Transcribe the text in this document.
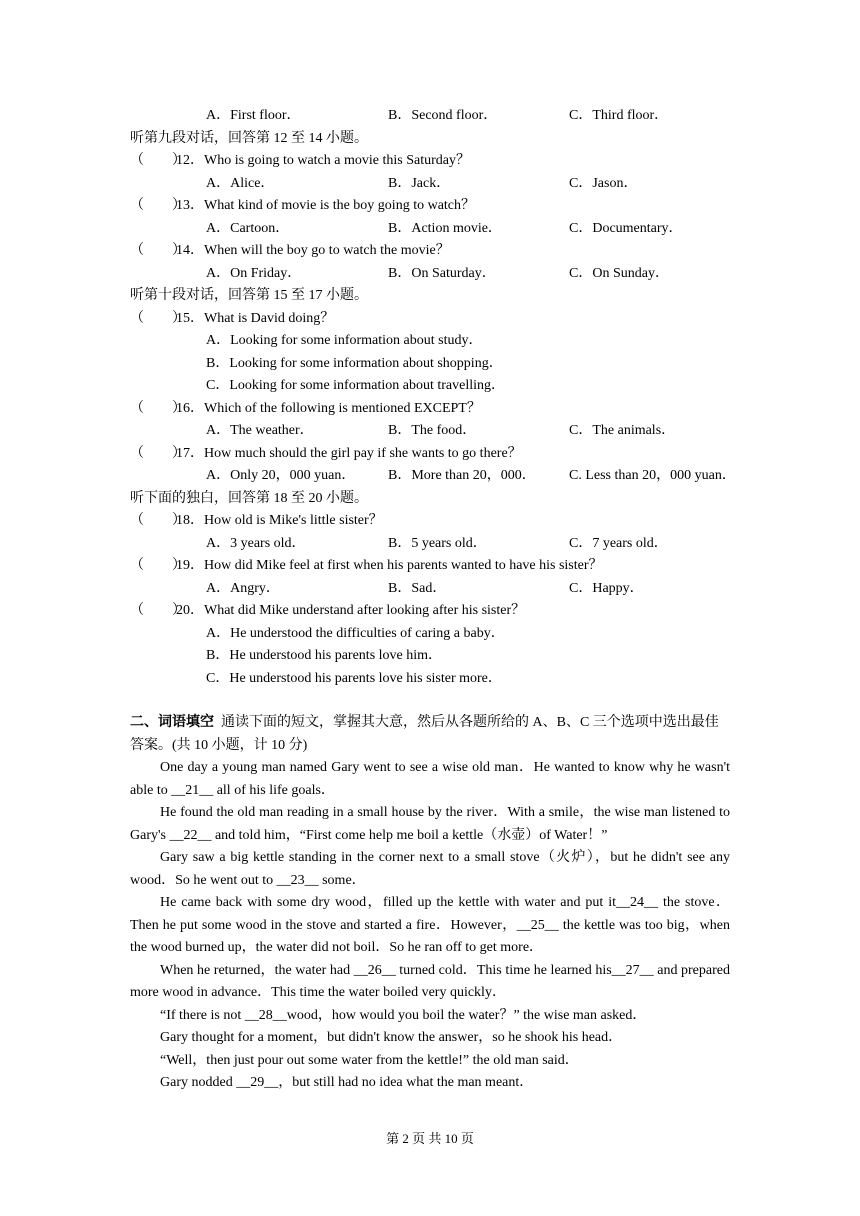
A．First floor．	B．Second floor．	C．Third floor．
听第九段对话，回答第 12 至 14 小题。
（　　）
12．Who is going to watch a movie this Saturday？
A．Alice．	B．Jack．	C．Jason．
（　　）
13．What kind of movie is the boy going to watch？
A．Cartoon．	B．Action movie．	C．Documentary．
（　　）
14．When will the boy go to watch the movie？
A．On Friday．	B．On Saturday．	C．On Sunday．
听第十段对话，回答第 15 至 17 小题。
（　　）
15．What is David doing？
A．Looking for some information about study．
B．Looking for some information about shopping．
C．Looking for some information about travelling．
（　　）
16．Which of the following is mentioned EXCEPT？
A．The weather．	B．The food．	C．The animals．
（　　）
17．How much should the girl pay if she wants to go there？
A．Only 20，000 yuan． B．More than 20，000． C. Less than 20，000 yuan．
听下面的独白，回答第 18 至 20 小题。
（　　）
18．How old is Mike's little sister？
A．3 years old．	B．5 years old．	C．7 years old．
（　　）
19．How did Mike feel at first when his parents wanted to have his sister？
A．Angry．	B．Sad．	C．Happy．
（　　）
20．What did Mike understand after looking after his sister？
A．He understood the difficulties of caring a baby．
B．He understood his parents love him．
C．He understood his parents love his sister more．

二、词语填空 通读下面的短文，掌握其大意，然后从各题所给的 A、B、C 三个选项中选出最佳答案。(共 10 小题，计 10 分)

One day a young man named Gary went to see a wise old man．He wanted to know why he wasn't able to __21__ all of his life goals．

He found the old man reading in a small house by the river．With a smile，the wise man listened to Gary's __22__ and told him，“First come help me boil a kettle（水壶）of Water！”

Gary saw a big kettle standing in the corner next to a small stove（火炉），but he didn't see any wood．So he went out to __23__ some．

He came back with some dry wood，filled up the kettle with water and put it__24__ the stove．Then he put some wood in the stove and started a fire．However，__25__ the kettle was too big，when the wood burned up，the water did not boil．So he ran off to get more．

When he returned，the water had __26__ turned cold．This time he learned his__27__ and prepared more wood in advance．This time the water boiled very quickly．

“If there is not __28__wood，how would you boil the water？” the wise man asked．

Gary thought for a moment，but didn't know the answer，so he shook his head．

“Well，then just pour out some water from the kettle!” the old man said．

Gary nodded __29__，but still had no idea what the man meant．

第 2 页 共 10 页
